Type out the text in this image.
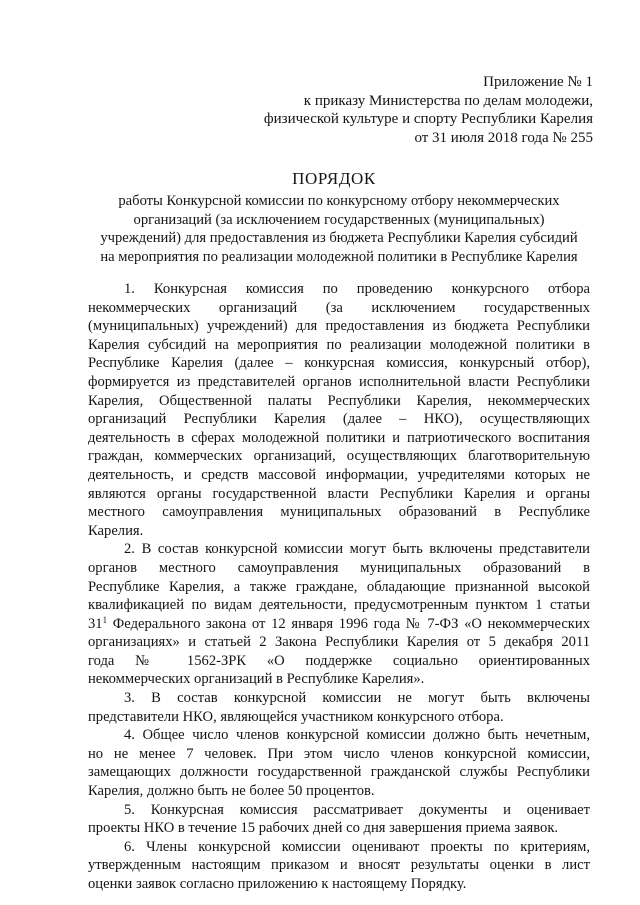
Приложение № 1
к приказу Министерства по делам молодежи,
физической культуре и спорту Республики Карелия
от 31 июля 2018 года № 255
ПОРЯДОК
работы Конкурсной комиссии по конкурсному отбору некоммерческих
организаций (за исключением государственных (муниципальных)
учреждений) для предоставления из бюджета Республики Карелия субсидий
на мероприятия по реализации молодежной политики в Республике Карелия
1. Конкурсная комиссия по проведению конкурсного отбора
некоммерческих организаций (за исключением государственных
(муниципальных) учреждений) для предоставления из бюджета Республики
Карелия субсидий на мероприятия по реализации молодежной политики в
Республике Карелия (далее – конкурсная комиссия, конкурсный отбор),
формируется из представителей органов исполнительной власти Республики
Карелия, Общественной палаты Республики Карелия, некоммерческих
организаций Республики Карелия (далее – НКО), осуществляющих
деятельность в сферах молодежной политики и патриотического воспитания
граждан, коммерческих организаций, осуществляющих благотворительную
деятельность, и средств массовой информации, учредителями которых не
являются органы государственной власти Республики Карелия и органы
местного самоуправления муниципальных образований в Республике
Карелия.
2. В состав конкурсной комиссии могут быть включены представители
органов местного самоуправления муниципальных образований в
Республике Карелия, а также граждане, обладающие признанной высокой
квалификацией по видам деятельности, предусмотренным пунктом 1 статьи
$31^1$ Федерального закона от 12 января 1996 года № 7-ФЗ «О некоммерческих
организациях» и статьей 2 Закона Республики Карелия от 5 декабря 2011
года № 1562-ЗРК «О поддержке социально ориентированных
некоммерческих организаций в Республике Карелия».
3. В состав конкурсной комиссии не могут быть включены
представители НКО, являющейся участником конкурсного отбора.
4. Общее число членов конкурсной комиссии должно быть нечетным,
но не менее 7 человек. При этом число членов конкурсной комиссии,
замещающих должности государственной гражданской службы Республики
Карелия, должно быть не более 50 процентов.
5. Конкурсная комиссия рассматривает документы и оценивает
проекты НКО в течение 15 рабочих дней со дня завершения приема заявок.
6. Члены конкурсной комиссии оценивают проекты по критериям,
утвержденным настоящим приказом и вносят результаты оценки в лист
оценки заявок согласно приложению к настоящему Порядку.
